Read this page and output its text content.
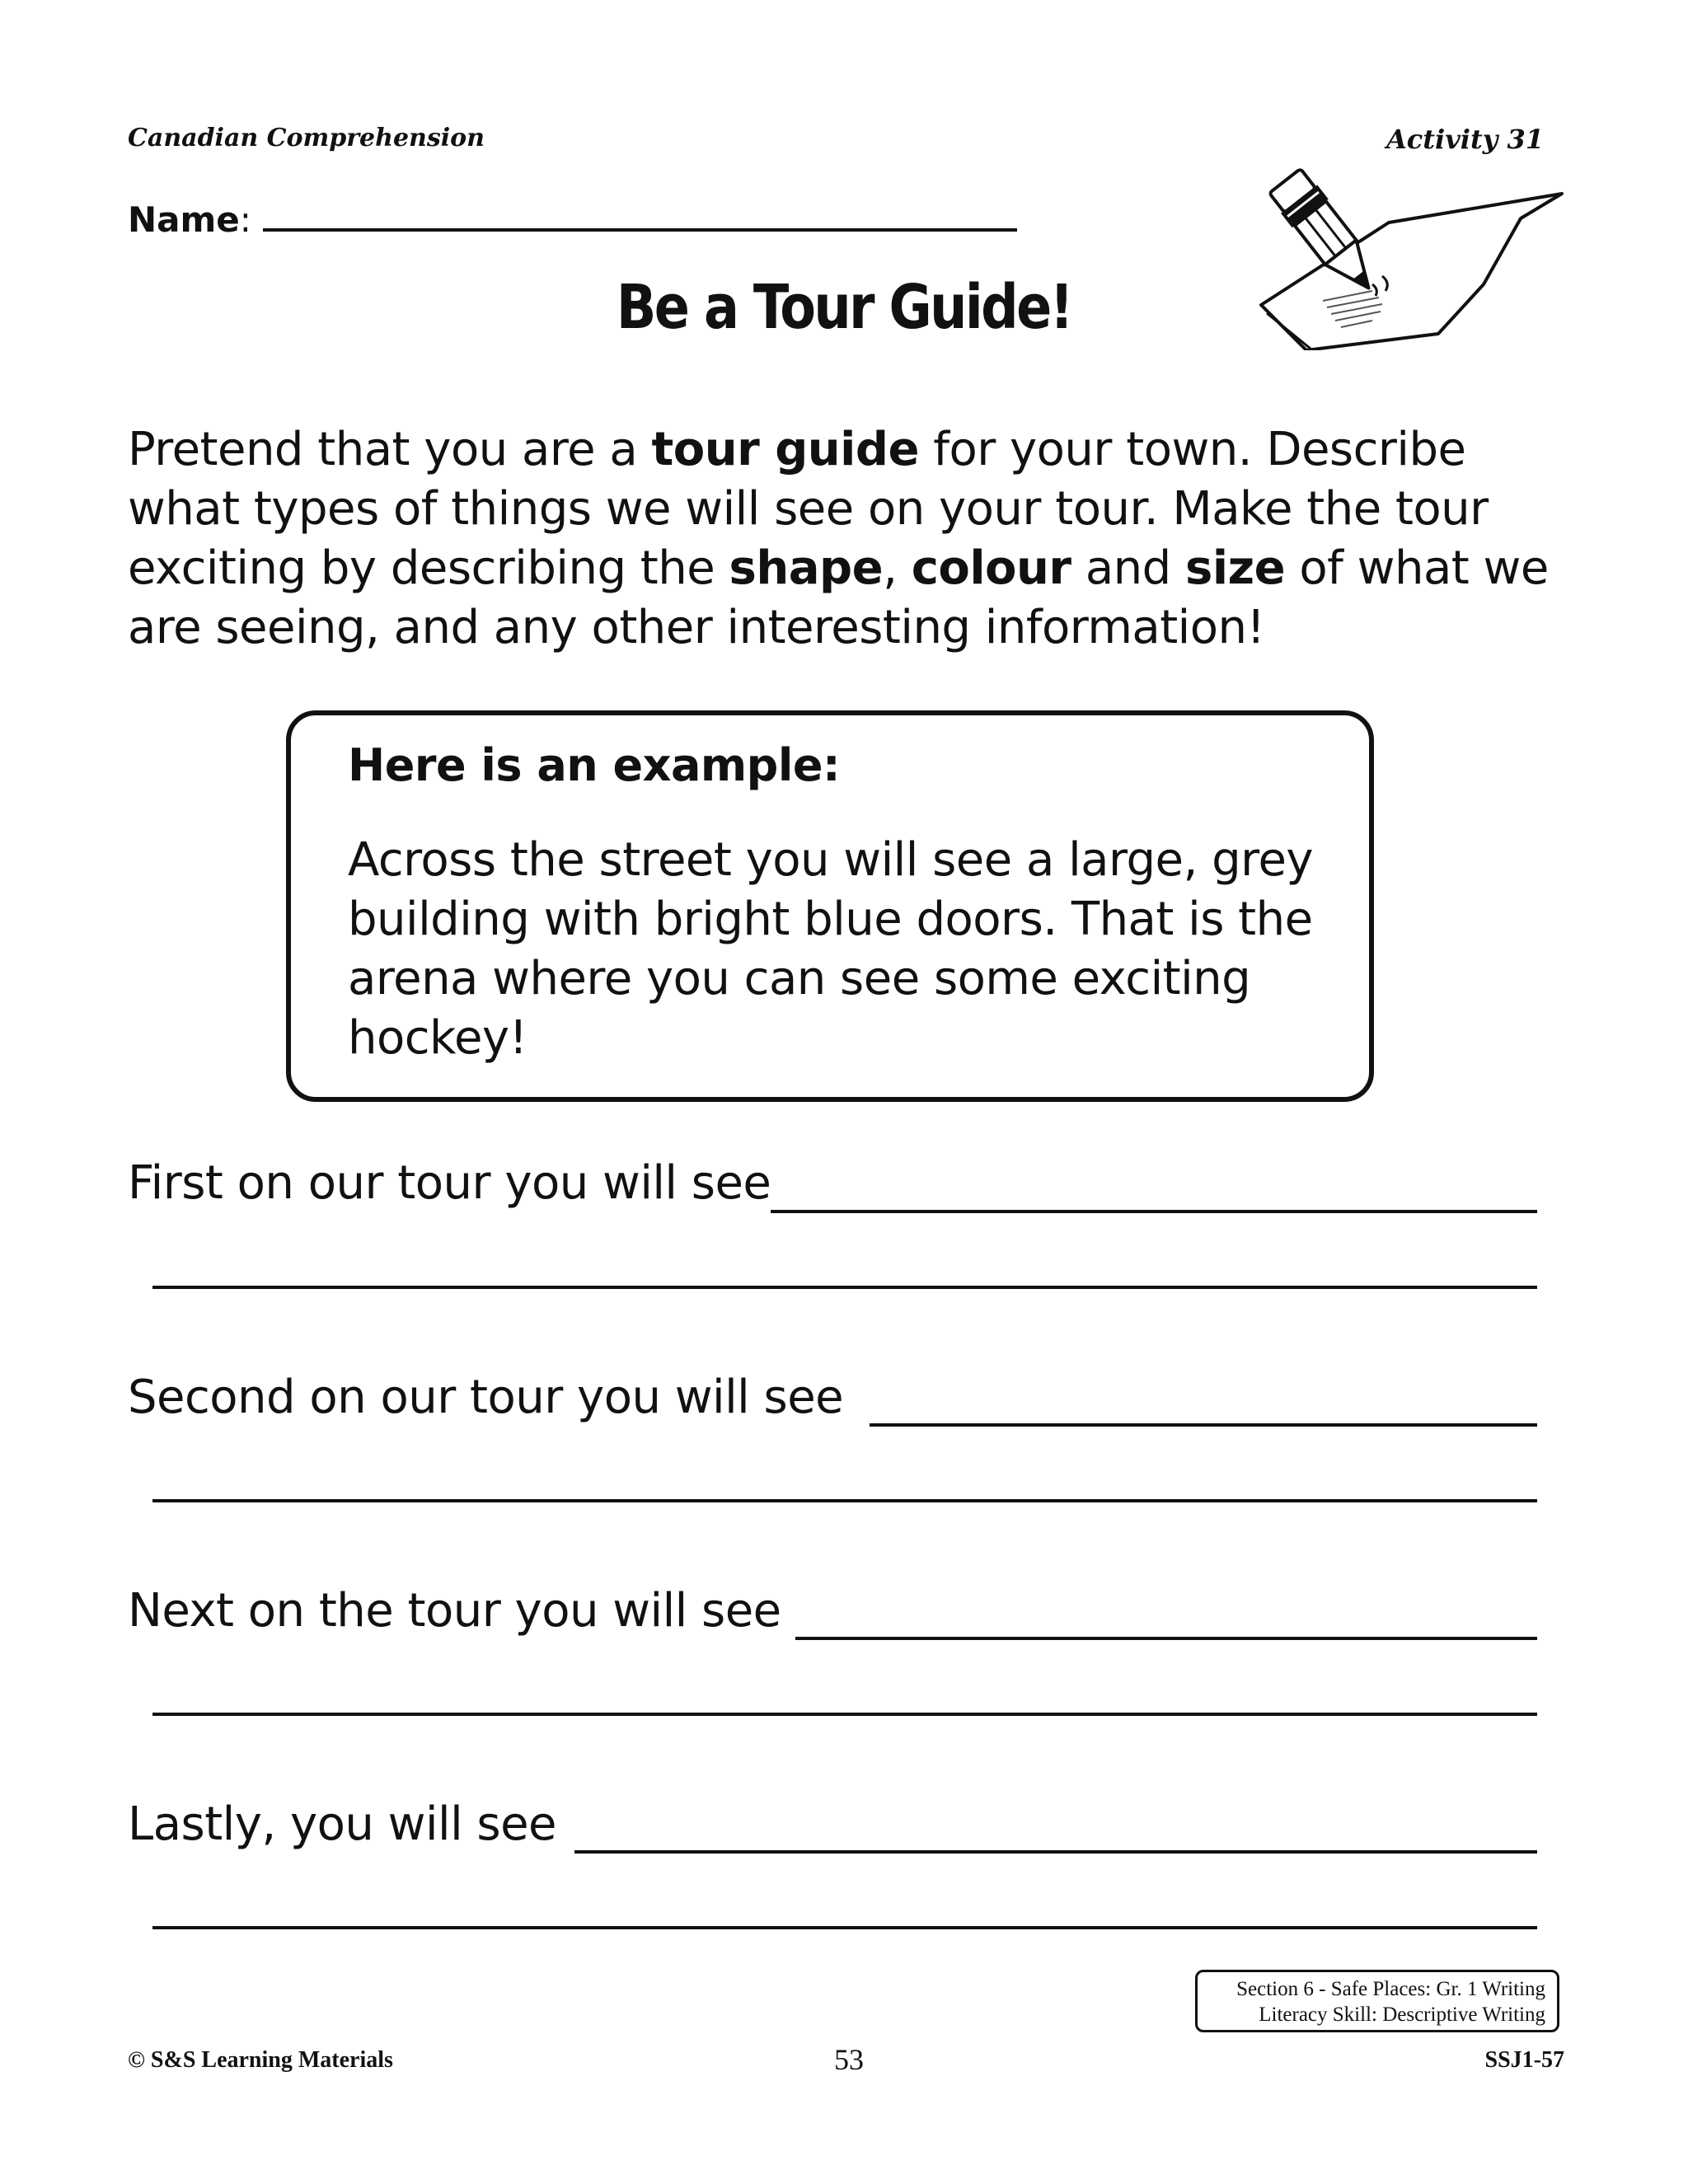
Canadian Comprehension	Activity 31
Name :
Be a Tour Guide!
Pretend that you are a tour guide for your town. Describe what types of things we will see on your tour. Make the tour exciting by describing the shape, colour and size of what we are seeing, and any other interesting information!
Here is an example:
Across the street you will see a large, grey building with bright blue doors. That is the arena where you can see some exciting hockey!
First on our tour you will see
Second on our tour you will see
Next on the tour you will see
Lastly, you will see
Section 6 - Safe Places: Gr. 1 Writing
Literacy Skill: Descriptive Writing
© S&S Learning Materials	53	SSJ1-57
